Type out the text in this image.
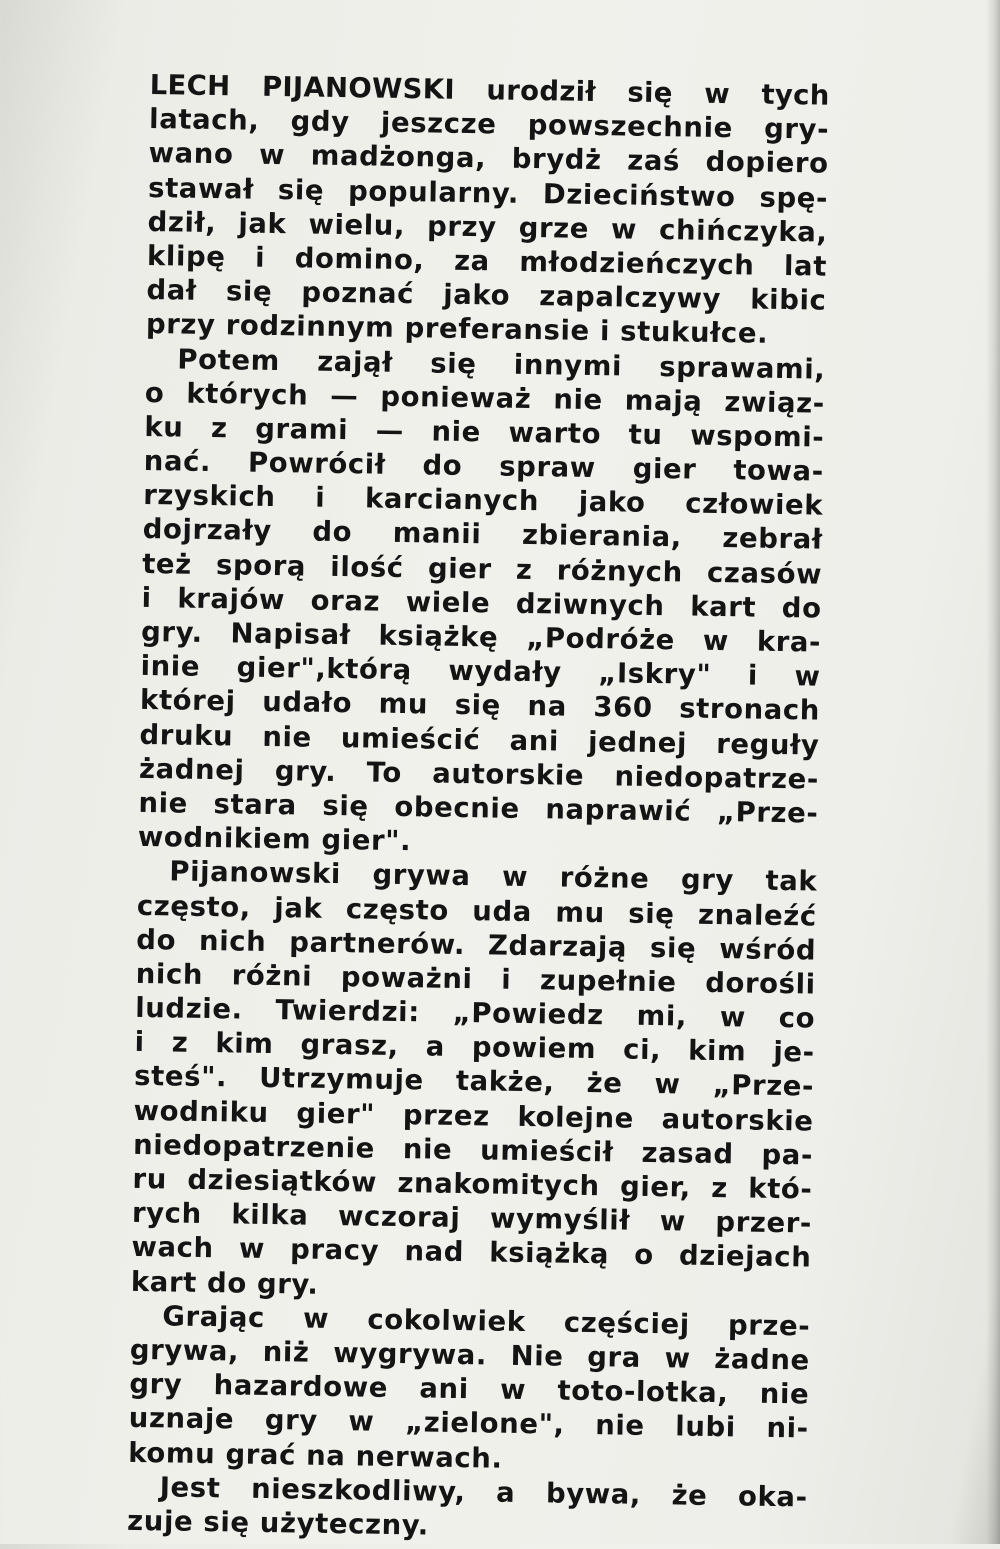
LECH PIJANOWSKI urodził się w tych
latach, gdy jeszcze powszechnie gry-
wano w madżonga, brydż zaś dopiero
stawał się popularny. Dzieciństwo spę-
dził, jak wielu, przy grze w chińczyka,
klipę i domino, za młodzieńczych lat
dał się poznać jako zapalczywy kibic
przy rodzinnym preferansie i stukułce.
Potem zajął się innymi sprawami,
o których — ponieważ nie mają związ-
ku z grami — nie warto tu wspomi-
nać. Powrócił do spraw gier towa-
rzyskich i karcianych jako człowiek
dojrzały do manii zbierania, zebrał
też sporą ilość gier z różnych czasów
i krajów oraz wiele dziwnych kart do
gry. Napisał książkę „Podróże w kra-
inie gier",którą wydały „Iskry" i w
której udało mu się na 360 stronach
druku nie umieścić ani jednej reguły
żadnej gry. To autorskie niedopatrze-
nie stara się obecnie naprawić „Prze-
wodnikiem gier".
Pijanowski grywa w różne gry tak
często, jak często uda mu się znaleźć
do nich partnerów. Zdarzają się wśród
nich różni poważni i zupełnie dorośli
ludzie. Twierdzi: „Powiedz mi, w co
i z kim grasz, a powiem ci, kim je-
steś". Utrzymuje także, że w „Prze-
wodniku gier" przez kolejne autorskie
niedopatrzenie nie umieścił zasad pa-
ru dziesiątków znakomitych gier, z któ-
rych kilka wczoraj wymyślił w przer-
wach w pracy nad książką o dziejach
kart do gry.
Grając w cokolwiek częściej prze-
grywa, niż wygrywa. Nie gra w żadne
gry hazardowe ani w toto-lotka, nie
uznaje gry w „zielone", nie lubi ni-
komu grać na nerwach.
Jest nieszkodliwy, a bywa, że oka-
zuje się użyteczny.
